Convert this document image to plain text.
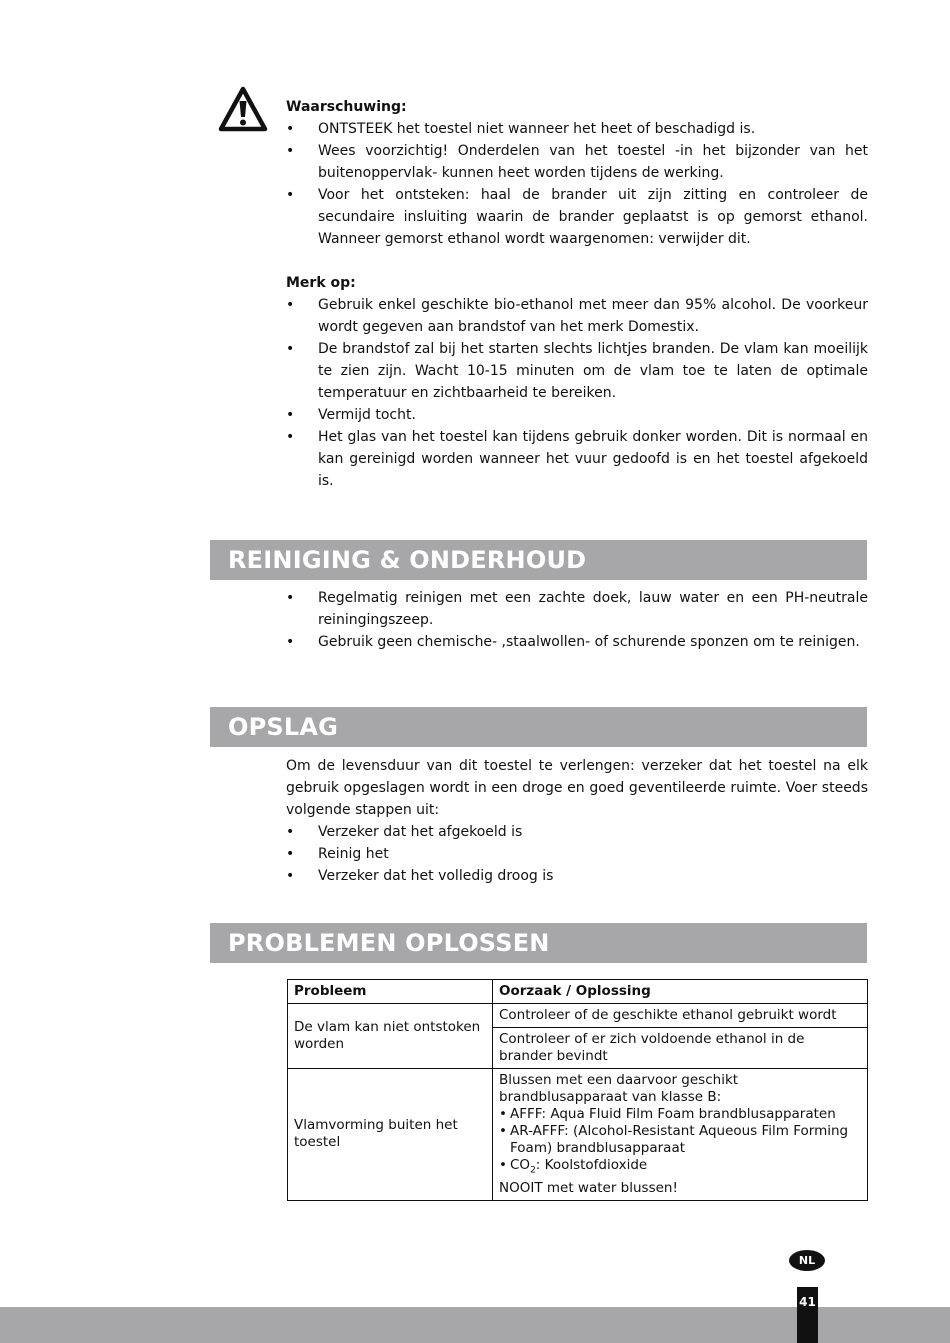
Waarschuwing:

• ONTSTEEK het toestel niet wanneer het heet of beschadigd is.
• Wees voorzichtig! Onderdelen van het toestel -in het bijzonder van het buitenoppervlak- kunnen heet worden tijdens de werking.
• Voor het ontsteken: haal de brander uit zijn zitting en controleer de secundaire insluiting waarin de brander geplaatst is op gemorst ethanol. Wanneer gemorst ethanol wordt waargenomen: verwijder dit.

Merk op:

• Gebruik enkel geschikte bio-ethanol met meer dan 95% alcohol. De voorkeur wordt gegeven aan brandstof van het merk Domestix.
• De brandstof zal bij het starten slechts lichtjes branden. De vlam kan moeilijk te zien zijn. Wacht 10-15 minuten om de vlam toe te laten de optimale temperatuur en zichtbaarheid te bereiken.
• Vermijd tocht.
• Het glas van het toestel kan tijdens gebruik donker worden. Dit is normaal en kan gereinigd worden wanneer het vuur gedoofd is en het toestel afgekoeld is.
REINIGING & ONDERHOUD
• Regelmatig reinigen met een zachte doek, lauw water en een PH-neutrale reiningingszeep.
• Gebruik geen chemische- ,staalwollen- of schurende sponzen om te reinigen.
OPSLAG

Om de levensduur van dit toestel te verlengen: verzeker dat het toestel na elk gebruik opgeslagen wordt in een droge en goed geventileerde ruimte. Voer steeds volgende stappen uit:

• Verzeker dat het afgekoeld is
• Reinig het
• Verzeker dat het volledig droog is
PROBLEMEN OPLOSSEN
Probleem	Oorzaak / Oplossing
De vlam kan niet ontstoken worden	Controleer of de geschikte ethanol gebruikt wordt
	Controleer of er zich voldoende ethanol in de brander bevindt
Vlamvorming buiten het toestel	Blussen met een daarvoor geschikt brandblusapparaat van klasse B:
• AFFF: Aqua Fluid Film Foam brandblusapparaten
• AR-AFFF: (Alcohol-Resistant Aqueous Film Forming Foam) brandblusapparaat
• $CO_2$: Koolstofdioxide
NOOIT met water blussen!
41
NL
